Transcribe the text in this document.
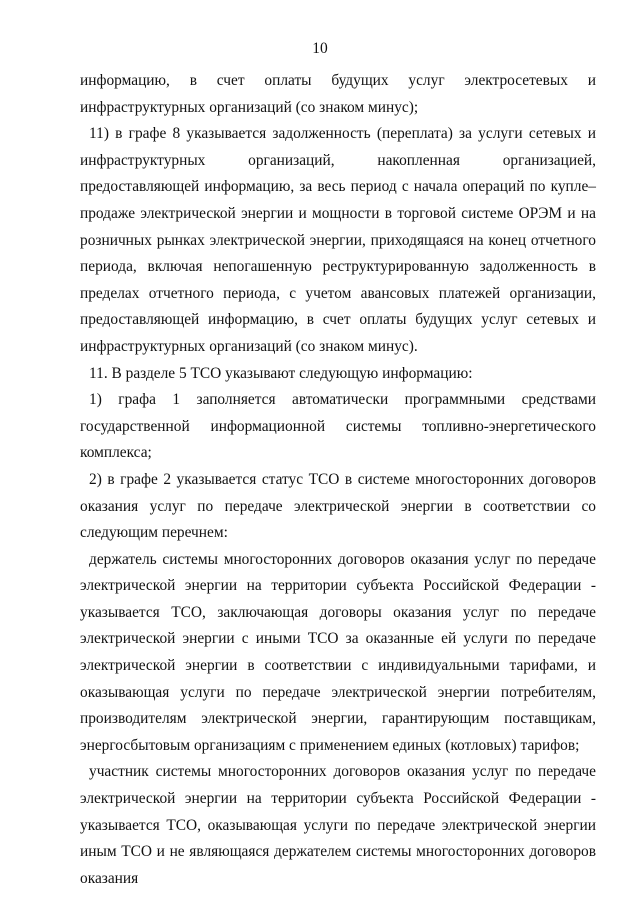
10

информацию, в счет оплаты будущих услуг электросетевых и инфраструктурных организаций (со знаком минус);

11) в графе 8 указывается задолженность (переплата) за услуги сетевых и инфраструктурных организаций, накопленная организацией, предоставляющей информацию, за весь период с начала операций по купле–продаже электрической энергии и мощности в торговой системе ОРЭМ и на розничных рынках электрической энергии, приходящаяся на конец отчетного периода, включая непогашенную реструктурированную задолженность в пределах отчетного периода, с учетом авансовых платежей организации, предоставляющей информацию, в счет оплаты будущих услуг сетевых и инфраструктурных организаций (со знаком минус).

11. В разделе 5 ТСО указывают следующую информацию:

1) графа 1 заполняется автоматически программными средствами государственной информационной системы топливно-энергетического комплекса;

2) в графе 2 указывается статус ТСО в системе многосторонних договоров оказания услуг по передаче электрической энергии в соответствии со следующим перечнем:

держатель системы многосторонних договоров оказания услуг по передаче электрической энергии на территории субъекта Российской Федерации - указывается ТСО, заключающая договоры оказания услуг по передаче электрической энергии с иными ТСО за оказанные ей услуги по передаче электрической энергии в соответствии с индивидуальными тарифами, и оказывающая услуги по передаче электрической энергии потребителям, производителям электрической энергии, гарантирующим поставщикам, энергосбытовым организациям с применением единых (котловых) тарифов;

участник системы многосторонних договоров оказания услуг по передаче электрической энергии на территории субъекта Российской Федерации - указывается ТСО, оказывающая услуги по передаче электрической энергии иным ТСО и не являющаяся держателем системы многосторонних договоров оказания
